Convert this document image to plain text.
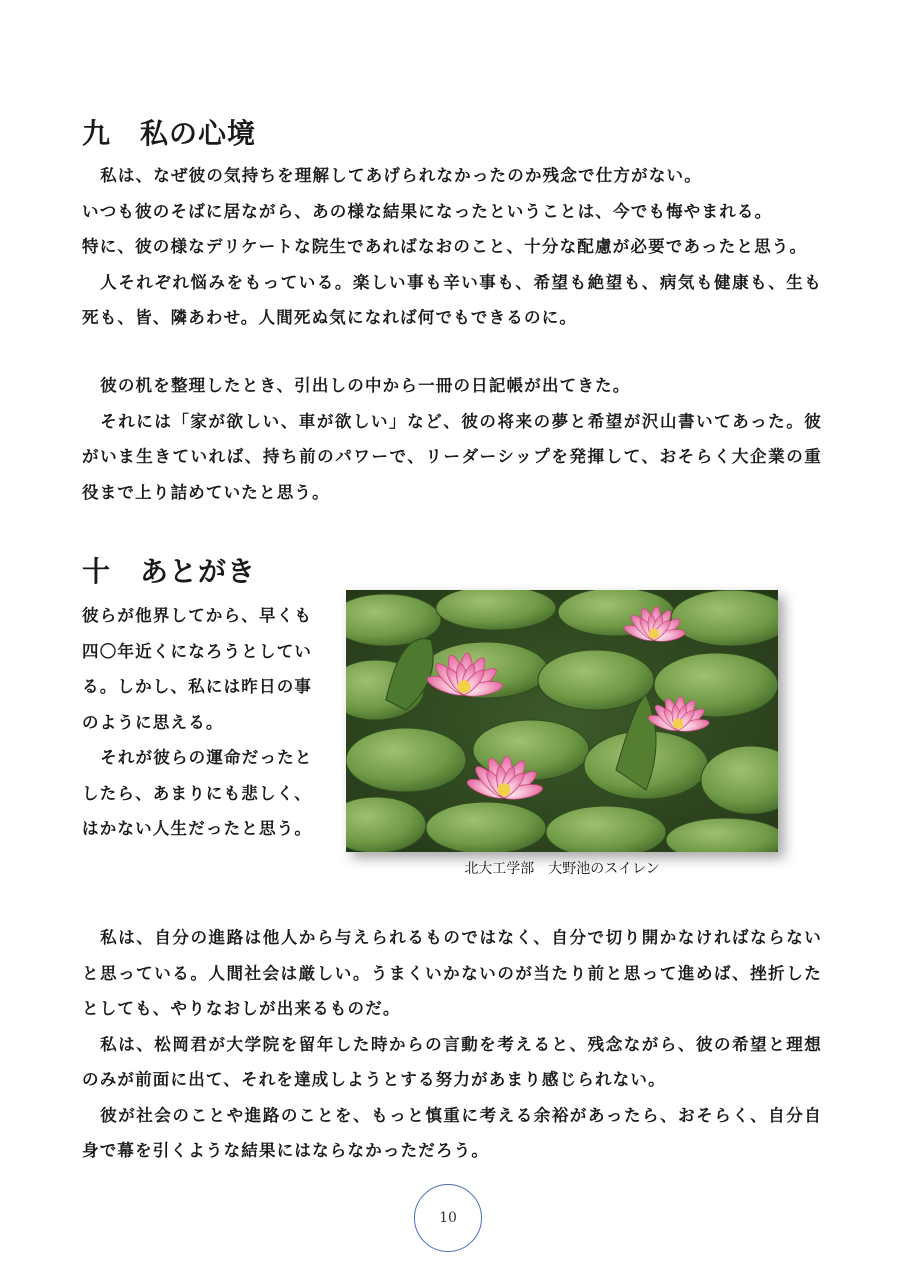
九　私の心境

私は、なぜ彼の気持ちを理解してあげられなかったのか残念で仕方がない。

いつも彼のそばに居ながら、あの様な結果になったということは、今でも悔やまれる。

特に、彼の様なデリケートな院生であればなおのこと、十分な配慮が必要であったと思う。

人それぞれ悩みをもっている。楽しい事も辛い事も、希望も絶望も、病気も健康も、生も死も、皆、隣あわせ。人間死ぬ気になれば何でもできるのに。

彼の机を整理したとき、引出しの中から一冊の日記帳が出てきた。

それには「家が欲しい、車が欲しい」など、彼の将来の夢と希望が沢山書いてあった。彼がいま生きていれば、持ち前のパワーで、リーダーシップを発揮して、おそらく大企業の重役まで上り詰めていたと思う。

十　あとがき

彼らが他界してから、早くも四〇年近くになろうとしている。しかし、私には昨日の事のように思える。

それが彼らの運命だったとしたら、あまりにも悲しく、はかない人生だったと思う。

北大工学部　大野池のスイレン

私は、自分の進路は他人から与えられるものではなく、自分で切り開かなければならないと思っている。人間社会は厳しい。うまくいかないのが当たり前と思って進めば、挫折したとしても、やりなおしが出来るものだ。

私は、松岡君が大学院を留年した時からの言動を考えると、残念ながら、彼の希望と理想のみが前面に出て、それを達成しようとする努力があまり感じられない。

彼が社会のことや進路のことを、もっと慎重に考える余裕があったら、おそらく、自分自身で幕を引くような結果にはならなかっただろう。

10
